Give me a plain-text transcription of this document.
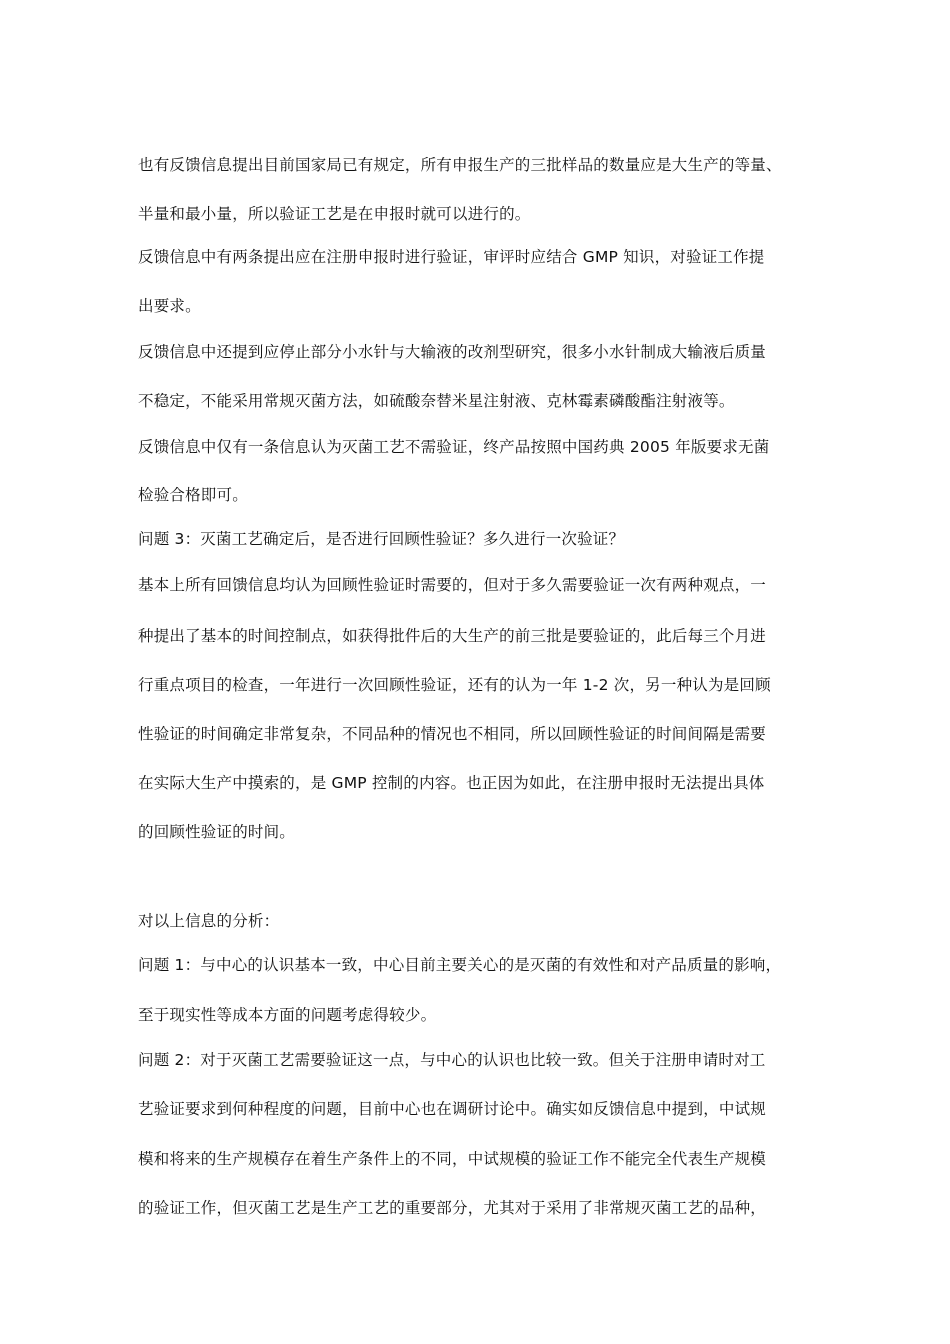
也有反馈信息提出目前国家局已有规定，所有申报生产的三批样品的数量应是大生产的等量、
半量和最小量，所以验证工艺是在申报时就可以进行的。
反馈信息中有两条提出应在注册申报时进行验证，审评时应结合 GMP 知识，对验证工作提
出要求。
反馈信息中还提到应停止部分小水针与大输液的改剂型研究，很多小水针制成大输液后质量
不稳定，不能采用常规灭菌方法，如硫酸奈替米星注射液、克林霉素磷酸酯注射液等。
反馈信息中仅有一条信息认为灭菌工艺不需验证，终产品按照中国药典 2005 年版要求无菌
检验合格即可。
问题 3：灭菌工艺确定后，是否进行回顾性验证？多久进行一次验证？
基本上所有回馈信息均认为回顾性验证时需要的，但对于多久需要验证一次有两种观点，一
种提出了基本的时间控制点，如获得批件后的大生产的前三批是要验证的，此后每三个月进
行重点项目的检查，一年进行一次回顾性验证，还有的认为一年 1-2 次，另一种认为是回顾
性验证的时间确定非常复杂，不同品种的情况也不相同，所以回顾性验证的时间间隔是需要
在实际大生产中摸索的，是 GMP 控制的内容。也正因为如此，在注册申报时无法提出具体
的回顾性验证的时间。
对以上信息的分析：
问题 1：与中心的认识基本一致，中心目前主要关心的是灭菌的有效性和对产品质量的影响，
至于现实性等成本方面的问题考虑得较少。
问题 2：对于灭菌工艺需要验证这一点，与中心的认识也比较一致。但关于注册申请时对工
艺验证要求到何种程度的问题，目前中心也在调研讨论中。确实如反馈信息中提到，中试规
模和将来的生产规模存在着生产条件上的不同，中试规模的验证工作不能完全代表生产规模
的验证工作，但灭菌工艺是生产工艺的重要部分，尤其对于采用了非常规灭菌工艺的品种，
